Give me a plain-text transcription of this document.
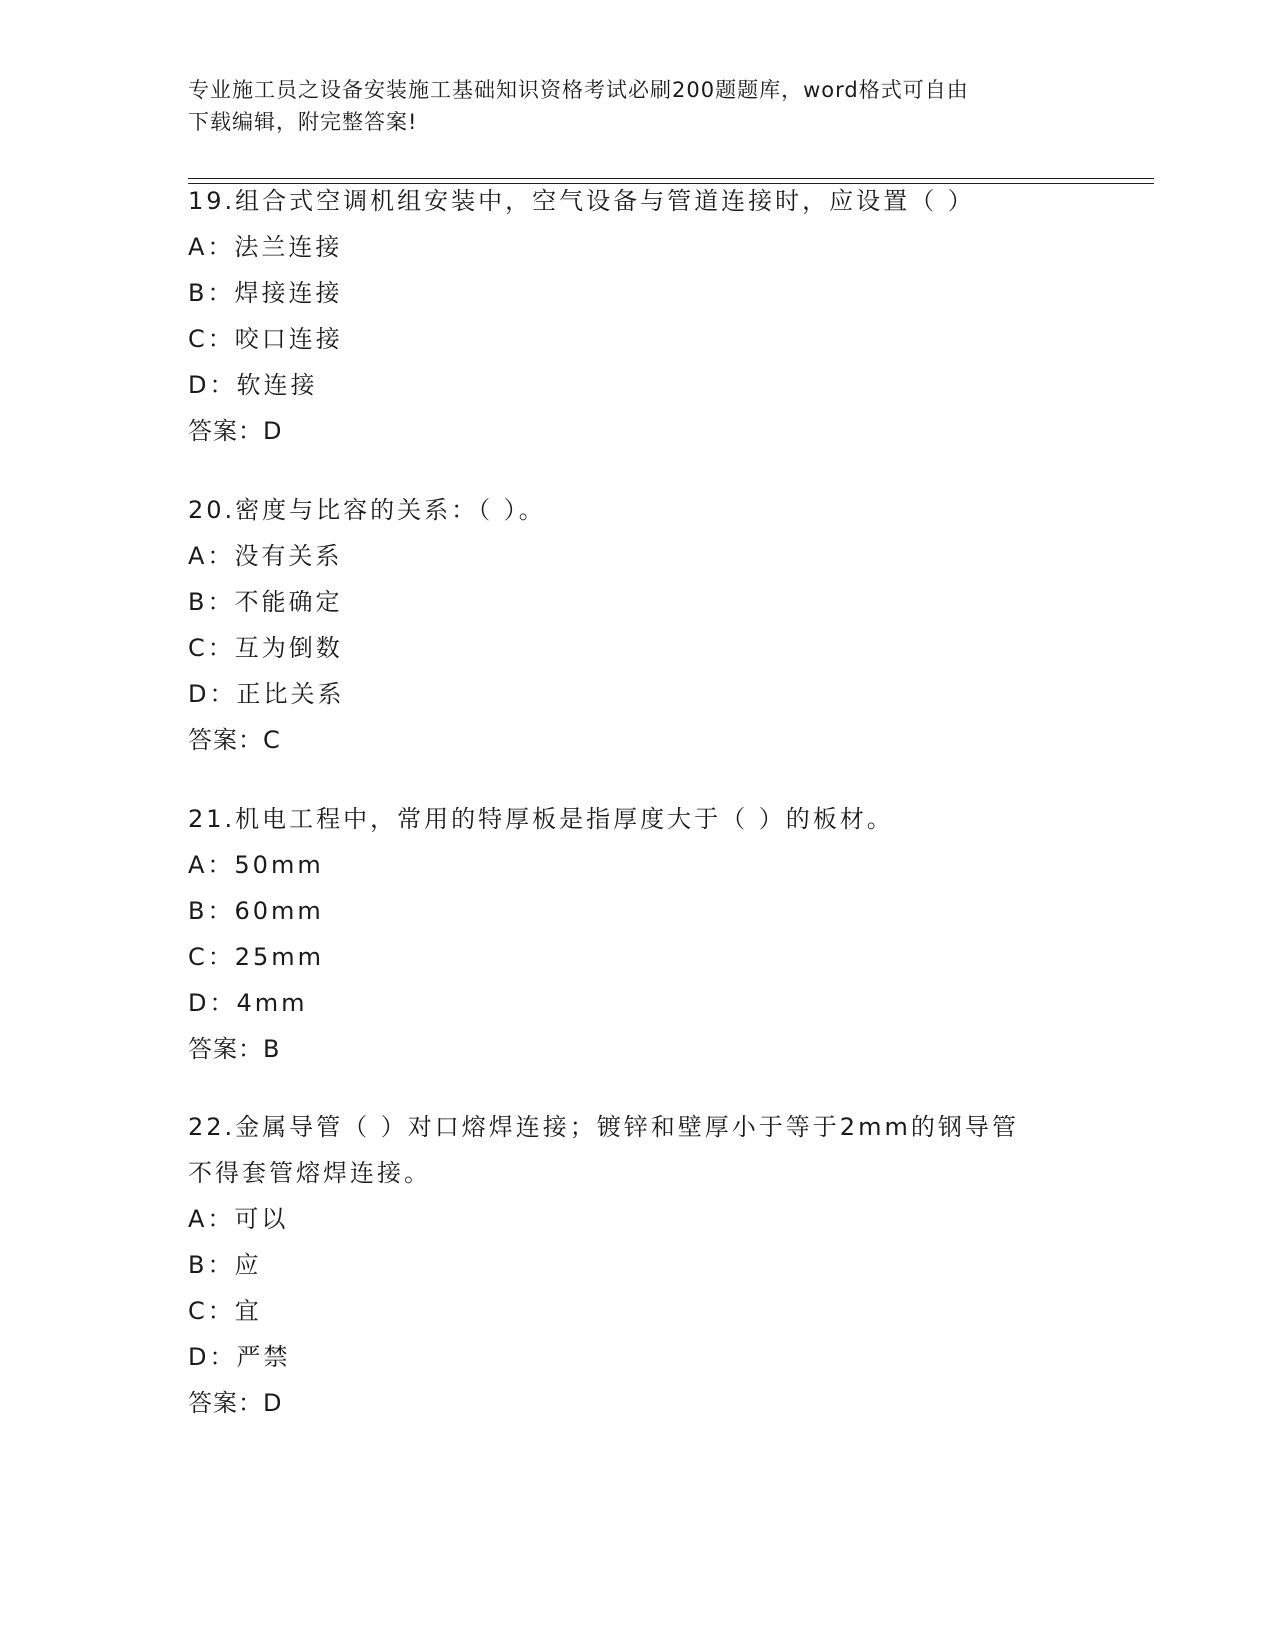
专业施工员之设备安装施工基础知识资格考试必刷200题题库，word格式可自由
下载编辑，附完整答案!

19.组合式空调机组安装中，空气设备与管道连接时，应设置（ ）

A：法兰连接

B：焊接连接

C：咬口连接

D：软连接

答案：D

20.密度与比容的关系：（ ）。

A：没有关系

B：不能确定

C：互为倒数

D：正比关系

答案：C

21.机电工程中，常用的特厚板是指厚度大于（ ）的板材。

A：50mm

B：60mm

C：25mm

D：4mm

答案：B

22.金属导管（ ）对口熔焊连接；镀锌和壁厚小于等于2mm的钢导管

不得套管熔焊连接。

A：可以

B：应

C：宜

D：严禁

答案：D
